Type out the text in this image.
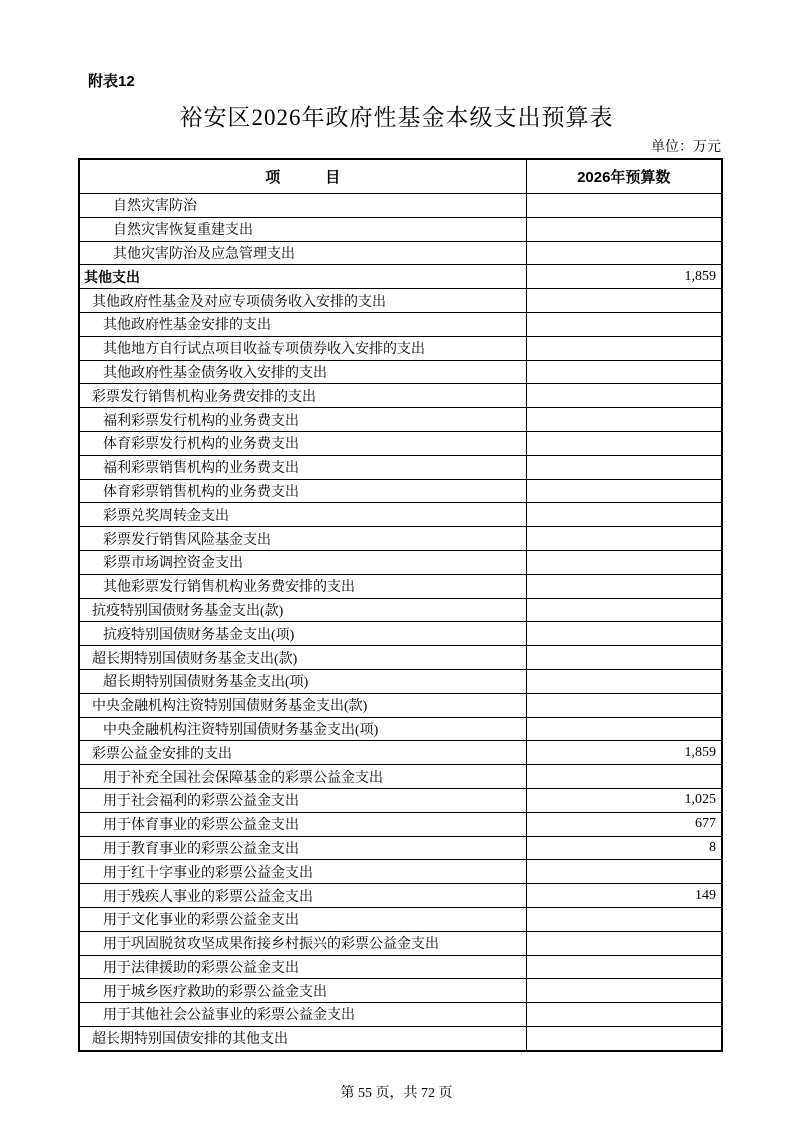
附表12
裕安区2026年政府性基金本级支出预算表
单位：万元
项　　　目	2026年预算数
自然灾害防治	
自然灾害恢复重建支出	
其他灾害防治及应急管理支出	
其他支出	1,859
其他政府性基金及对应专项债务收入安排的支出	
其他政府性基金安排的支出	
其他地方自行试点项目收益专项债券收入安排的支出	
其他政府性基金债务收入安排的支出	
彩票发行销售机构业务费安排的支出	
福利彩票发行机构的业务费支出	
体育彩票发行机构的业务费支出	
福利彩票销售机构的业务费支出	
体育彩票销售机构的业务费支出	
彩票兑奖周转金支出	
彩票发行销售风险基金支出	
彩票市场调控资金支出	
其他彩票发行销售机构业务费安排的支出	
抗疫特别国债财务基金支出(款)	
抗疫特别国债财务基金支出(项)	
超长期特别国债财务基金支出(款)	
超长期特别国债财务基金支出(项)	
中央金融机构注资特别国债财务基金支出(款)	
中央金融机构注资特别国债财务基金支出(项)	
彩票公益金安排的支出	1,859
用于补充全国社会保障基金的彩票公益金支出	
用于社会福利的彩票公益金支出	1,025
用于体育事业的彩票公益金支出	677
用于教育事业的彩票公益金支出	8
用于红十字事业的彩票公益金支出	
用于残疾人事业的彩票公益金支出	149
用于文化事业的彩票公益金支出	
用于巩固脱贫攻坚成果衔接乡村振兴的彩票公益金支出	
用于法律援助的彩票公益金支出	
用于城乡医疗救助的彩票公益金支出	
用于其他社会公益事业的彩票公益金支出	
超长期特别国债安排的其他支出	
第 55 页，共 72 页
